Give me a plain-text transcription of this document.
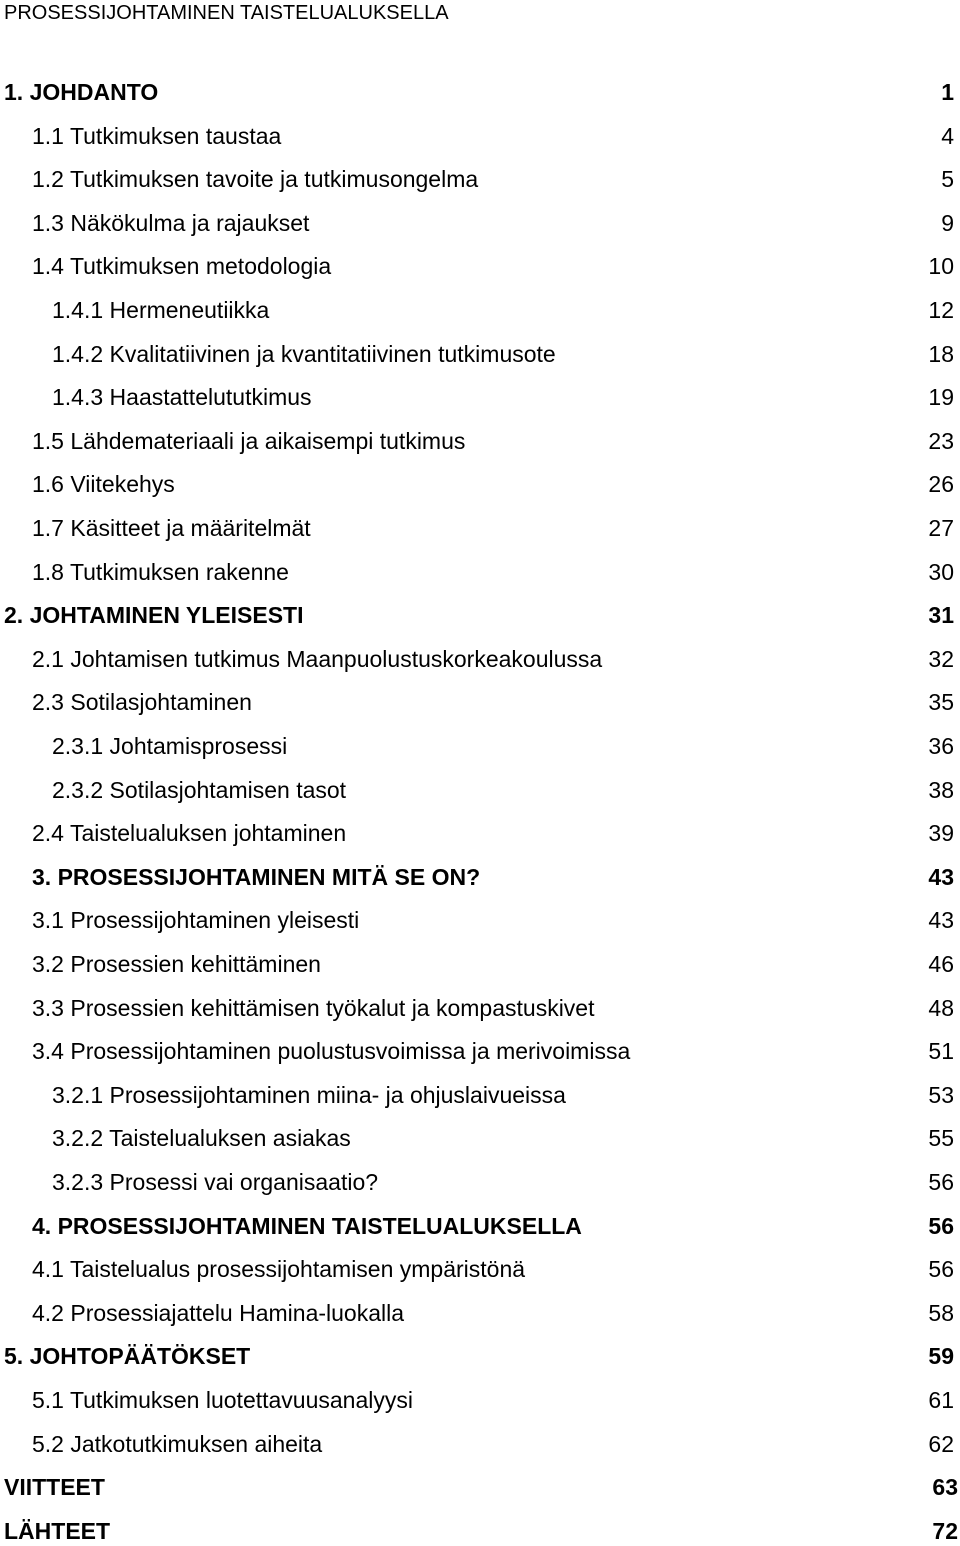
PROSESSIJOHTAMINEN TAISTELUALUKSELLA
1. JOHDANTO	1
1.1 Tutkimuksen taustaa	4
1.2 Tutkimuksen tavoite ja tutkimusongelma	5
1.3 Näkökulma ja rajaukset	9
1.4 Tutkimuksen metodologia	10
1.4.1 Hermeneutiikka	12
1.4.2 Kvalitatiivinen ja kvantitatiivinen tutkimusote	18
1.4.3 Haastattelututkimus	19
1.5 Lähdemateriaali ja aikaisempi tutkimus	23
1.6 Viitekehys	26
1.7 Käsitteet ja määritelmät	27
1.8 Tutkimuksen rakenne	30
2. JOHTAMINEN YLEISESTI	31
2.1 Johtamisen tutkimus Maanpuolustuskorkeakoulussa	32
2.3 Sotilasjohtaminen	35
2.3.1 Johtamisprosessi	36
2.3.2 Sotilasjohtamisen tasot	38
2.4 Taistelualuksen johtaminen	39
3. PROSESSIJOHTAMINEN MITÄ SE ON?	43
3.1 Prosessijohtaminen yleisesti	43
3.2 Prosessien kehittäminen	46
3.3 Prosessien kehittämisen työkalut ja kompastuskivet	48
3.4 Prosessijohtaminen puolustusvoimissa ja merivoimissa	51
3.2.1 Prosessijohtaminen miina- ja ohjuslaivueissa	53
3.2.2 Taistelualuksen asiakas	55
3.2.3 Prosessi vai organisaatio?	56
4. PROSESSIJOHTAMINEN TAISTELUALUKSELLA	56
4.1 Taistelualus prosessijohtamisen ympäristönä	56
4.2 Prosessiajattelu Hamina-luokalla	58
5. JOHTOPÄÄTÖKSET	59
5.1 Tutkimuksen luotettavuusanalyysi	61
5.2 Jatkotutkimuksen aiheita	62
VIITTEET	63
LÄHTEET	72
